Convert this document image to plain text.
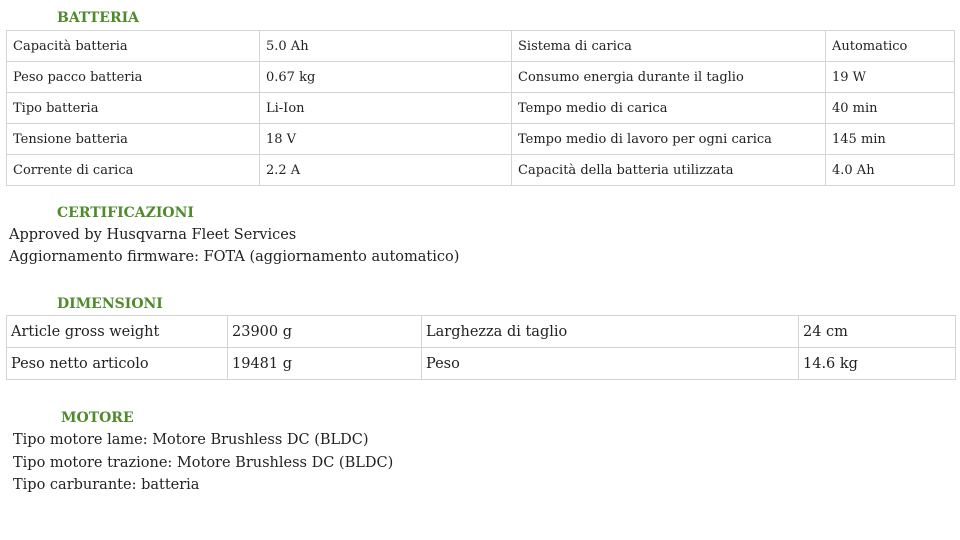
BATTERIA
Capacità batteria	5.0 Ah	Sistema di carica	Automatico
Peso pacco batteria	0.67 kg	Consumo energia durante il taglio	19 W
Tipo batteria	Li-Ion	Tempo medio di carica	40 min
Tensione batteria	18 V	Tempo medio di lavoro per ogni carica	145 min
Corrente di carica	2.2 A	Capacità della batteria utilizzata	4.0 Ah
CERTIFICAZIONI
Approved by Husqvarna Fleet Services
Aggiornamento firmware: FOTA (aggiornamento automatico)
DIMENSIONI
Article gross weight	23900 g	Larghezza di taglio	24 cm
Peso netto articolo	19481 g	Peso	14.6 kg
MOTORE
Tipo motore lame: Motore Brushless DC (BLDC)
Tipo motore trazione: Motore Brushless DC (BLDC)
Tipo carburante: batteria
